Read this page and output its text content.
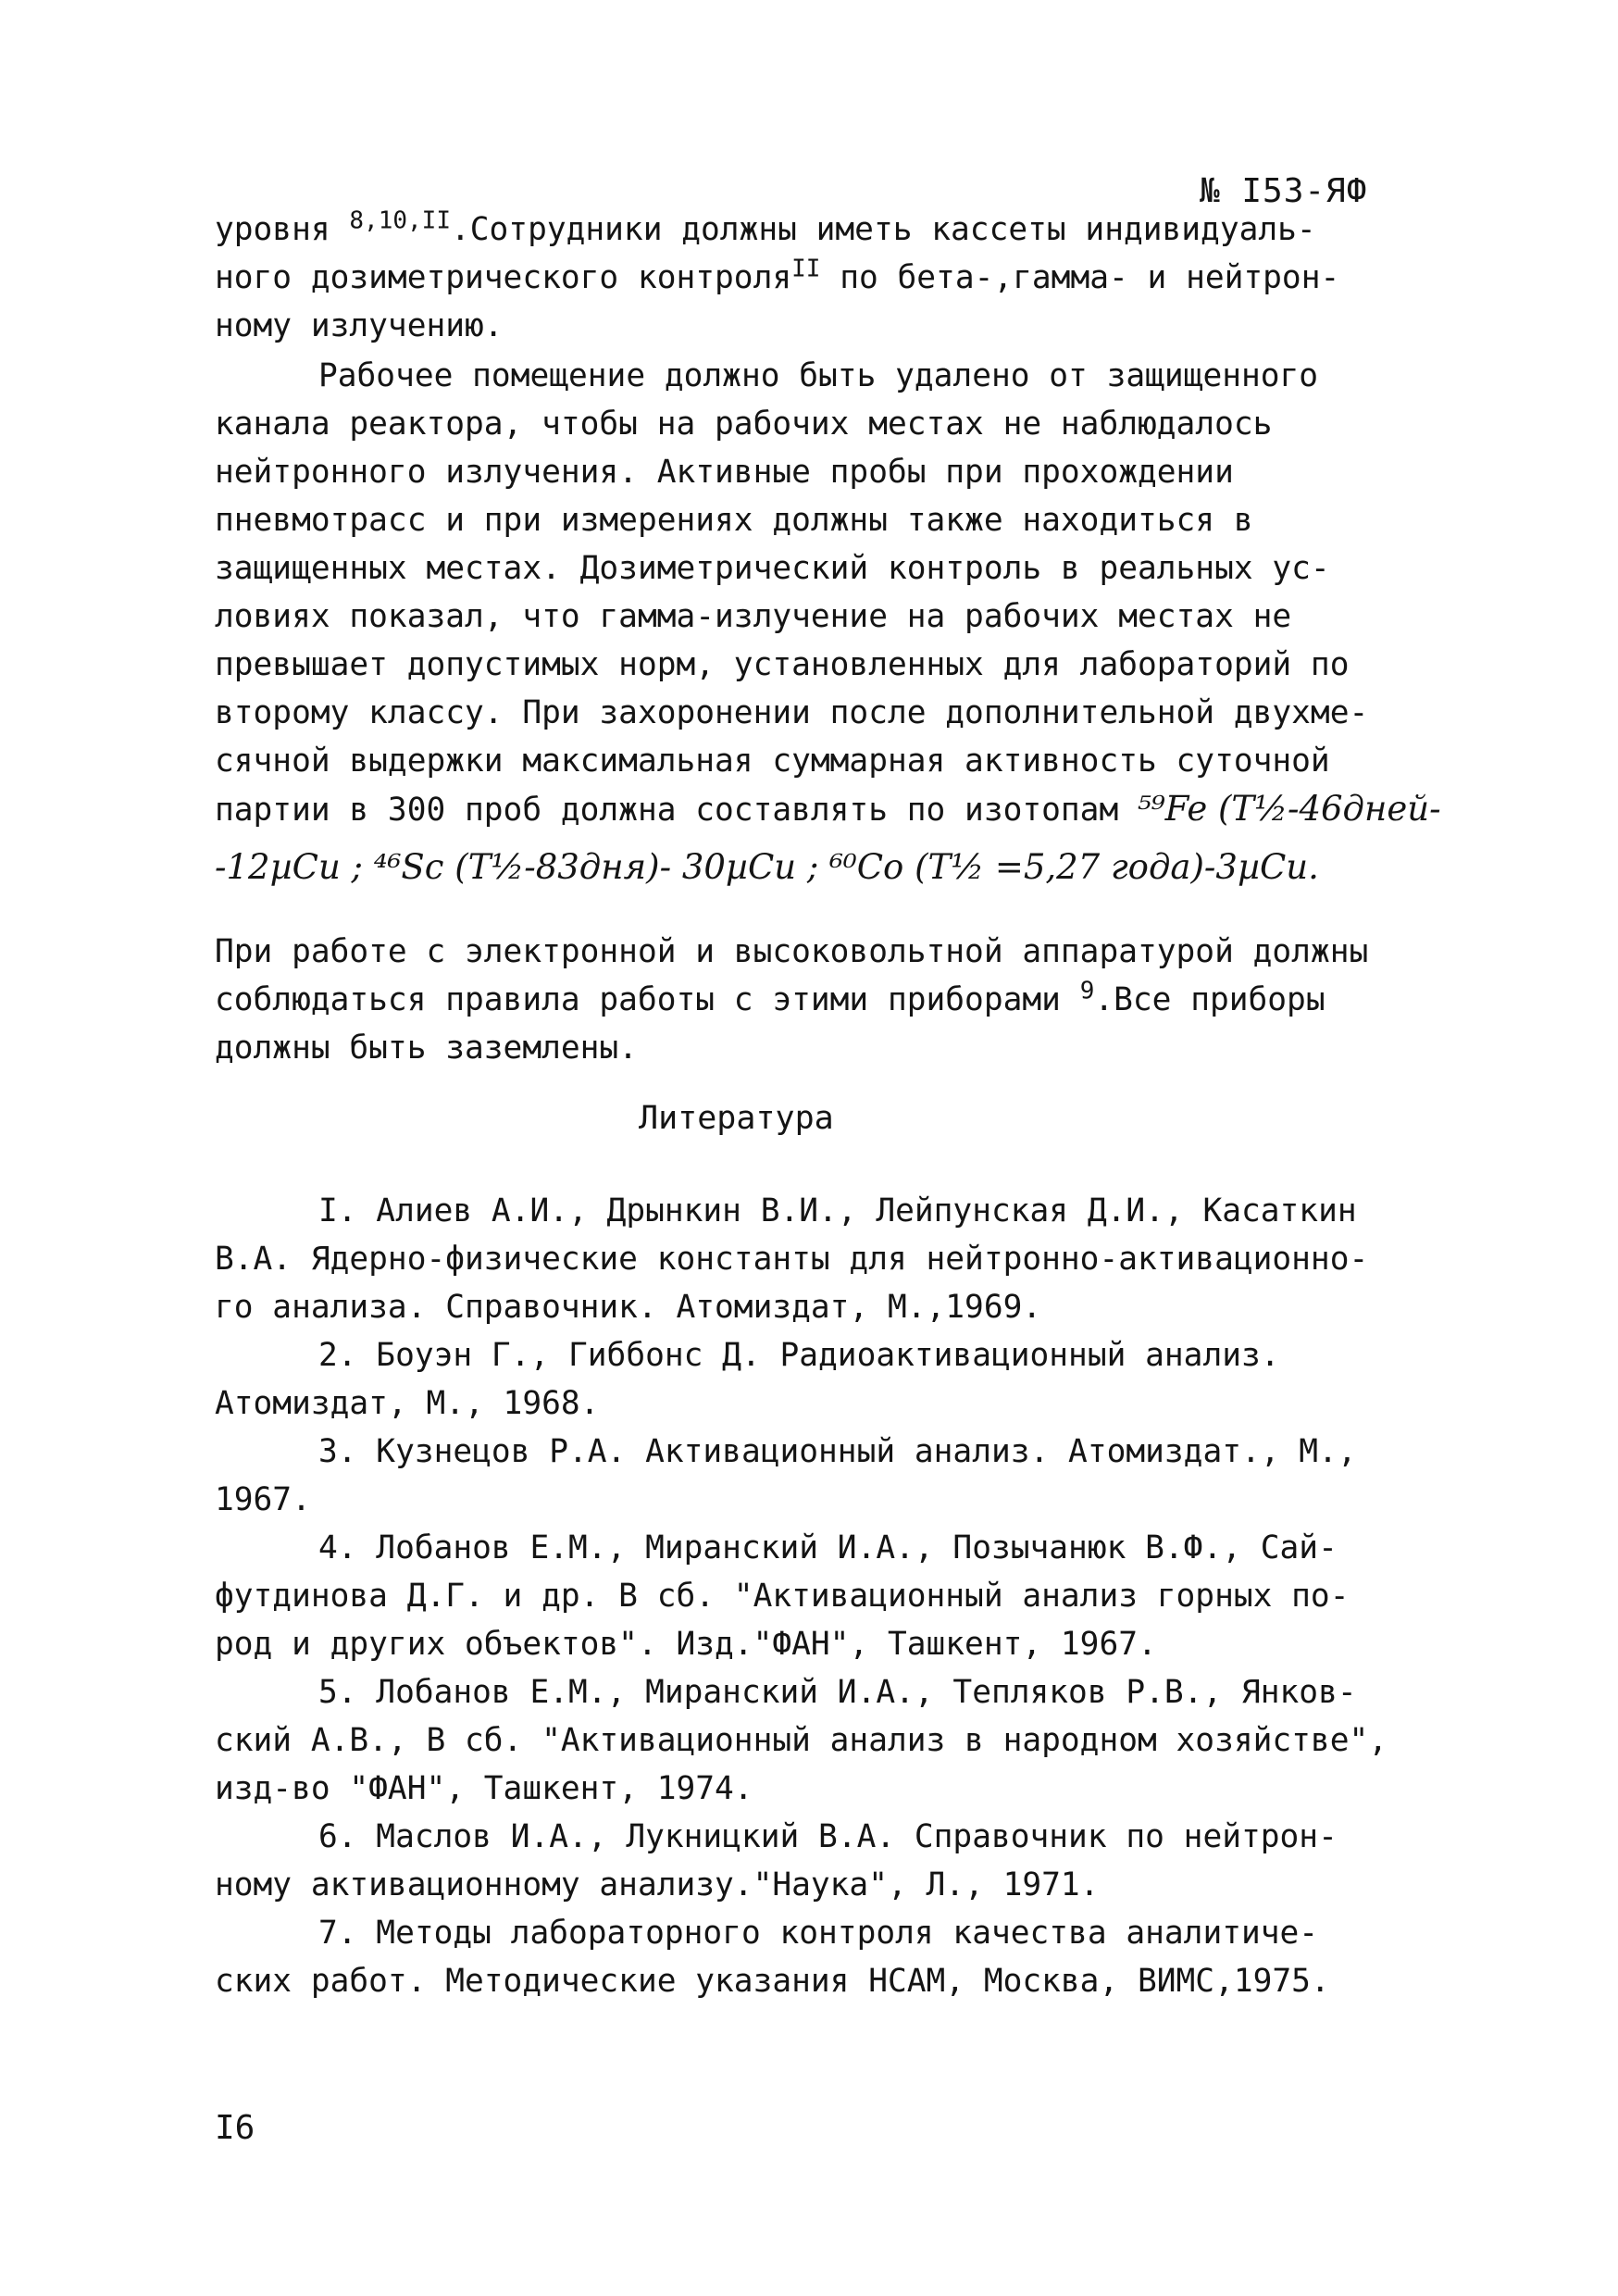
№ I53-ЯФ
уровня $^{8,10,II}$.Сотрудники должны иметь кассеты индивидуаль-
ного дозиметрического контроля$^{II}$ по бета-,гамма- и нейтрон-
ному излучению.
Рабочее помещение должно быть удалено от защищенного
канала реактора, чтобы на рабочих местах не наблюдалось
нейтронного излучения. Активные пробы при прохождении
пневмотрасс и при измерениях должны также находиться в
защищенных местах. Дозиметрический контроль в реальных ус-
ловиях показал, что гамма-излучение на рабочих местах не
превышает допустимых норм, установленных для лабораторий по
второму классу. При захоронении после дополнительной двухме-
сячной выдержки максимальная суммарная активность суточной
партии в 300 проб должна составлять по изотопам ⁵⁹Fe (T½-46дней-
-12µCu ; ⁴⁶Sc (T½-83дня)- 30µCu ; ⁶⁰Co (T½ =5,27 года)-3µCu.
При работе с электронной и высоковольтной аппаратурой должны
соблюдаться правила работы с этими приборами $^9$.Все приборы
должны быть заземлены.
Литература
I. Алиев А.И., Дрынкин В.И., Лейпунская Д.И., Касаткин
В.А. Ядерно-физические константы для нейтронно-активационно-
го анализа. Справочник. Атомиздат, М.,1969.
2. Боуэн Г., Гиббонс Д. Радиоактивационный анализ.
Атомиздат, М., 1968.
3. Кузнецов Р.А. Активационный анализ. Атомиздат., М.,
1967.
4. Лобанов Е.М., Миранский И.А., Позычанюк В.Ф., Сай-
футдинова Д.Г. и др. В сб. "Активационный анализ горных по-
род и других объектов". Изд."ФАН", Ташкент, 1967.
5. Лобанов Е.М., Миранский И.А., Тепляков Р.В., Янков-
ский А.В., В сб. "Активационный анализ в народном хозяйстве",
изд-во "ФАН", Ташкент, 1974.
6. Маслов И.А., Лукницкий В.А. Справочник по нейтрон-
ному активационному анализу."Наука", Л., 1971.
7. Методы лабораторного контроля качества аналитиче-
ских работ. Методические указания НСАМ, Москва, ВИМС,1975.
I6
